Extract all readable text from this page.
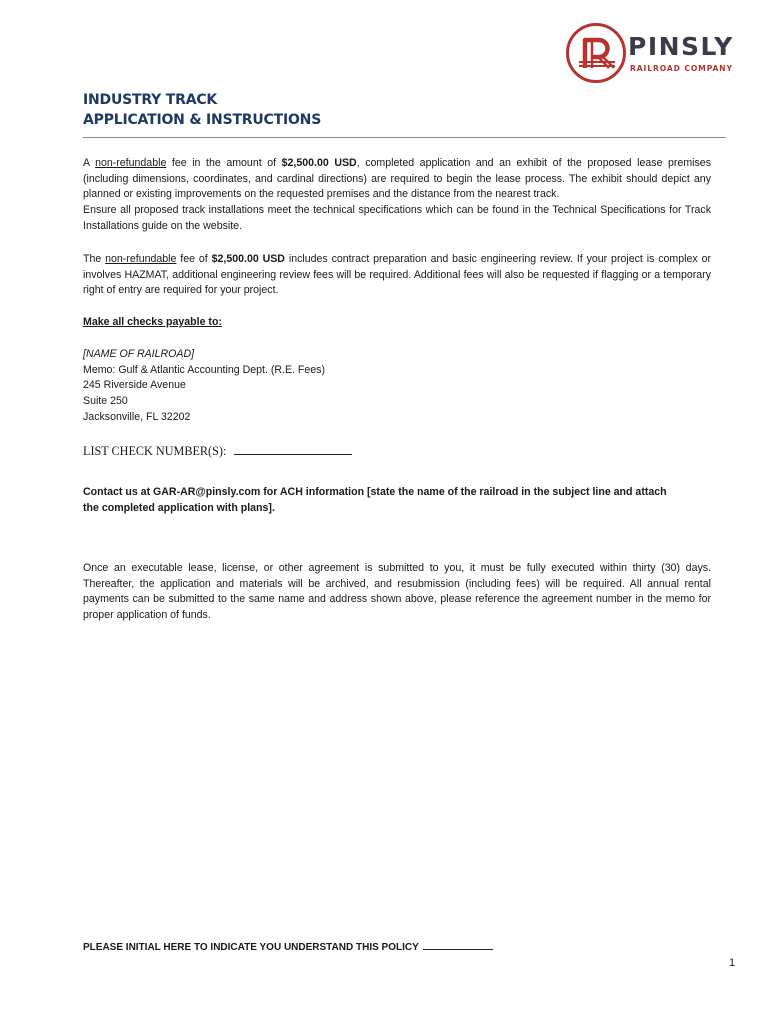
PINSLY
RAILROAD COMPANY
INDUSTRY TRACK
APPLICATION & INSTRUCTIONS
A non-refundable fee in the amount of $2,500.00 USD, completed application and an exhibit of the proposed lease premises (including dimensions, coordinates, and cardinal directions) are required to begin the lease process. The exhibit should depict any planned or existing improvements on the requested premises and the distance from the nearest track.
Ensure all proposed track installations meet the technical specifications which can be found in the Technical Specifications for Track Installations guide on the website.
The non-refundable fee of $2,500.00 USD includes contract preparation and basic engineering review. If your project is complex or involves HAZMAT, additional engineering review fees will be required. Additional fees will also be requested if flagging or a temporary right of entry are required for your project.
Make all checks payable to:
[NAME OF RAILROAD]
Memo: Gulf & Atlantic Accounting Dept. (R.E. Fees)
245 Riverside Avenue
Suite 250
Jacksonville, FL 32202
LIST CHECK NUMBER(S):
Contact us at GAR-AR@pinsly.com for ACH information [state the name of the railroad in the subject line and attach the completed application with plans].
Once an executable lease, license, or other agreement is submitted to you, it must be fully executed within thirty (30) days. Thereafter, the application and materials will be archived, and resubmission (including fees) will be required. All annual rental payments can be submitted to the same name and address shown above, please reference the agreement number in the memo for proper application of funds.
PLEASE INITIAL HERE TO INDICATE YOU UNDERSTAND THIS POLICY
1
